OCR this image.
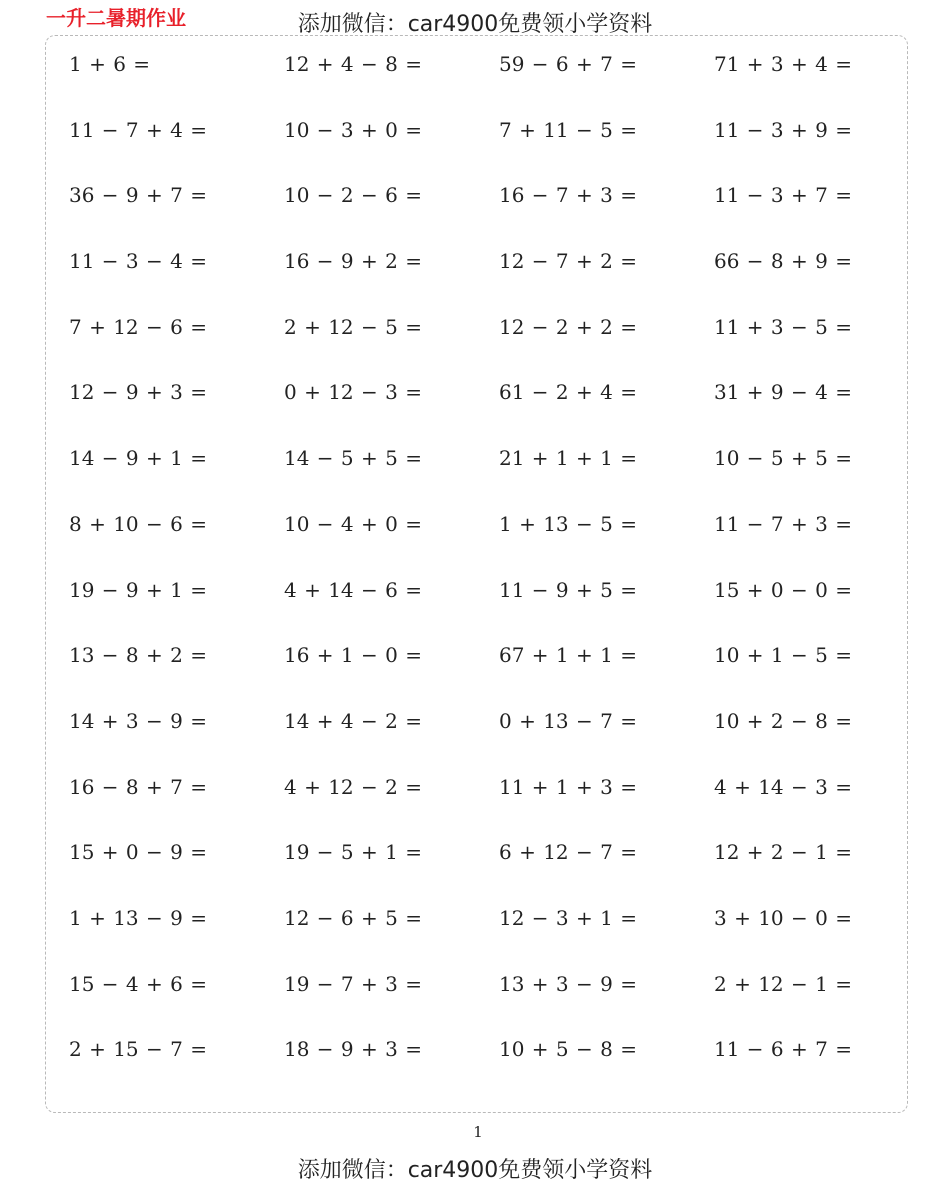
一升二暑期作业	添加微信：car4900免费领小学资料
1 + 6 =	12 + 4 − 8 =	59 − 6 + 7 =	71 + 3 + 4 =
11 − 7 + 4 =	10 − 3 + 0 =	7 + 11 − 5 =	11 − 3 + 9 =
36 − 9 + 7 =	10 − 2 − 6 =	16 − 7 + 3 =	11 − 3 + 7 =
11 − 3 − 4 =	16 − 9 + 2 =	12 − 7 + 2 =	66 − 8 + 9 =
7 + 12 − 6 =	2 + 12 − 5 =	12 − 2 + 2 =	11 + 3 − 5 =
12 − 9 + 3 =	0 + 12 − 3 =	61 − 2 + 4 =	31 + 9 − 4 =
14 − 9 + 1 =	14 − 5 + 5 =	21 + 1 + 1 =	10 − 5 + 5 =
8 + 10 − 6 =	10 − 4 + 0 =	1 + 13 − 5 =	11 − 7 + 3 =
19 − 9 + 1 =	4 + 14 − 6 =	11 − 9 + 5 =	15 + 0 − 0 =
13 − 8 + 2 =	16 + 1 − 0 =	67 + 1 + 1 =	10 + 1 − 5 =
14 + 3 − 9 =	14 + 4 − 2 =	0 + 13 − 7 =	10 + 2 − 8 =
16 − 8 + 7 =	4 + 12 − 2 =	11 + 1 + 3 =	4 + 14 − 3 =
15 + 0 − 9 =	19 − 5 + 1 =	6 + 12 − 7 =	12 + 2 − 1 =
1 + 13 − 9 =	12 − 6 + 5 =	12 − 3 + 1 =	3 + 10 − 0 =
15 − 4 + 6 =	19 − 7 + 3 =	13 + 3 − 9 =	2 + 12 − 1 =
2 + 15 − 7 =	18 − 9 + 3 =	10 + 5 − 8 =	11 − 6 + 7 =
1
添加微信：car4900免费领小学资料
